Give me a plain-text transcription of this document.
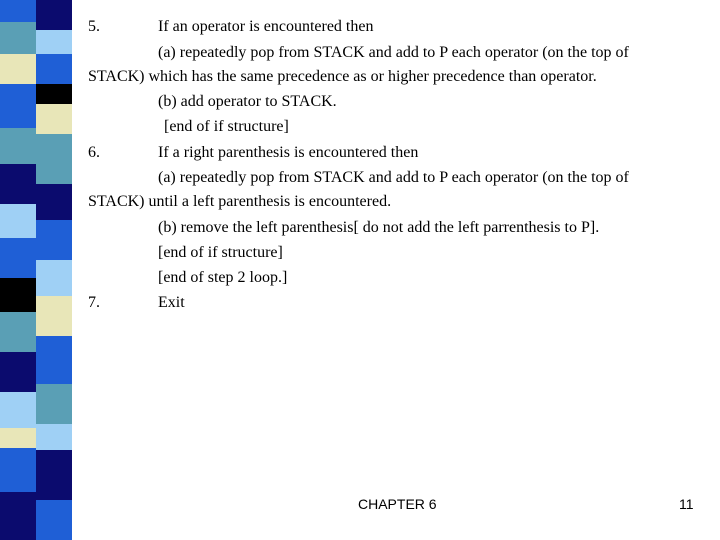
5.	If an operator is encountered then
(a) repeatedly pop from STACK and add to P each operator (on the top of
STACK) which has the same precedence as or higher precedence than operator.
(b) add operator to STACK.
[end of if structure]
6.	If a right parenthesis is encountered then
(a) repeatedly pop from STACK and add to P each operator (on the top of
STACK) until a left parenthesis is encountered.
(b) remove the left parenthesis[ do not add the left parrenthesis to P].
[end of if structure]
[end of step 2 loop.]
7.	Exit
CHAPTER 6	11
